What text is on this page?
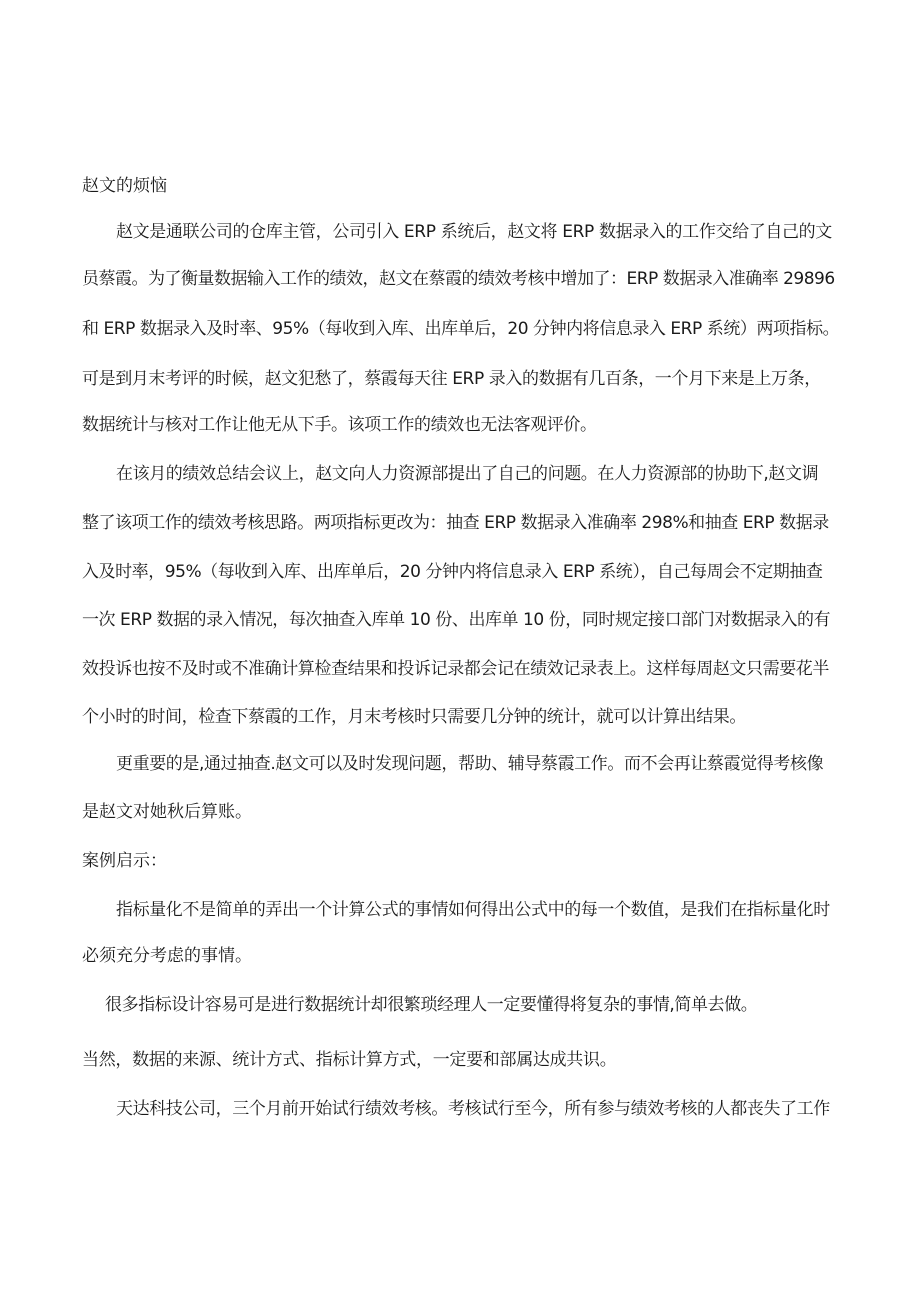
赵文的烦恼
赵文是通联公司的仓库主管，公司引入 ERP 系统后，赵文将 ERP 数据录入的工作交给了自己的文
员蔡霞。为了衡量数据输入工作的绩效，赵文在蔡霞的绩效考核中增加了：ERP 数据录入准确率 29896
和 ERP 数据录入及时率、95%（每收到入库、出库单后，20 分钟内将信息录入 ERP 系统）两项指标。
可是到月末考评的时候，赵文犯愁了，蔡霞每天往 ERP 录入的数据有几百条，一个月下来是上万条，
数据统计与核对工作让他无从下手。该项工作的绩效也无法客观评价。
在该月的绩效总结会议上，赵文向人力资源部提出了自己的问题。在人力资源部的协助下,赵文调
整了该项工作的绩效考核思路。两项指标更改为：抽查 ERP 数据录入准确率 298%和抽查 ERP 数据录
入及时率，95%（每收到入库、出库单后，20 分钟内将信息录入 ERP 系统），自己每周会不定期抽查
一次 ERP 数据的录入情况，每次抽查入库单 10 份、出库单 10 份，同时规定接口部门对数据录入的有
效投诉也按不及时或不准确计算检查结果和投诉记录都会记在绩效记录表上。这样每周赵文只需要花半
个小时的时间，检查下蔡霞的工作，月末考核时只需要几分钟的统计，就可以计算出结果。
更重要的是,通过抽查.赵文可以及时发现问题，帮助、辅导蔡霞工作。而不会再让蔡霞觉得考核像
是赵文对她秋后算账。
案例启示：
指标量化不是简单的弄出一个计算公式的事情如何得出公式中的每一个数值，是我们在指标量化时
必须充分考虑的事情。
很多指标设计容易可是进行数据统计却很繁琐经理人一定要懂得将复杂的事情,简单去做。
当然，数据的来源、统计方式、指标计算方式，一定要和部属达成共识。
天达科技公司，三个月前开始试行绩效考核。考核试行至今，所有参与绩效考核的人都丧失了工作
